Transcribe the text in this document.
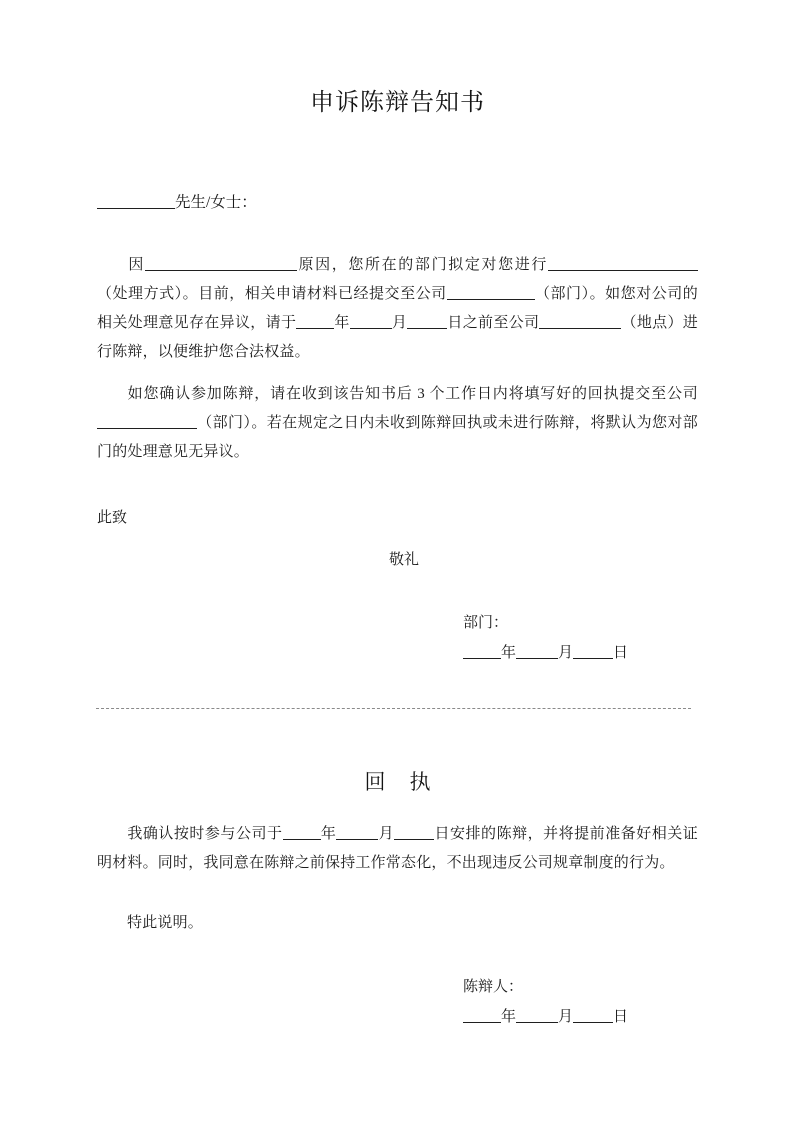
申诉陈辩告知书
先生/女士：
因	原因，您所在的部门拟定对您进行（处理方式）。目前，相关申请材料已经提交至公司	（部门）。如您对公司的相关处理意见存在异议，请于	年	月	日之前至公司	（地点）进行陈辩，以便维护您合法权益。
如您确认参加陈辩，请在收到该告知书后 3 个工作日内将填写好的回执提交至公司（部门）。若在规定之日内未收到陈辩回执或未进行陈辩，将默认为您对部门的处理意见无异议。
此致
敬礼
部门：
年	月	日
回 执
我确认按时参与公司于	年	月	日安排的陈辩，并将提前准备好相关证明材料。同时，我同意在陈辩之前保持工作常态化，不出现违反公司规章制度的行为。
特此说明。
陈辩人：
年	月	日
